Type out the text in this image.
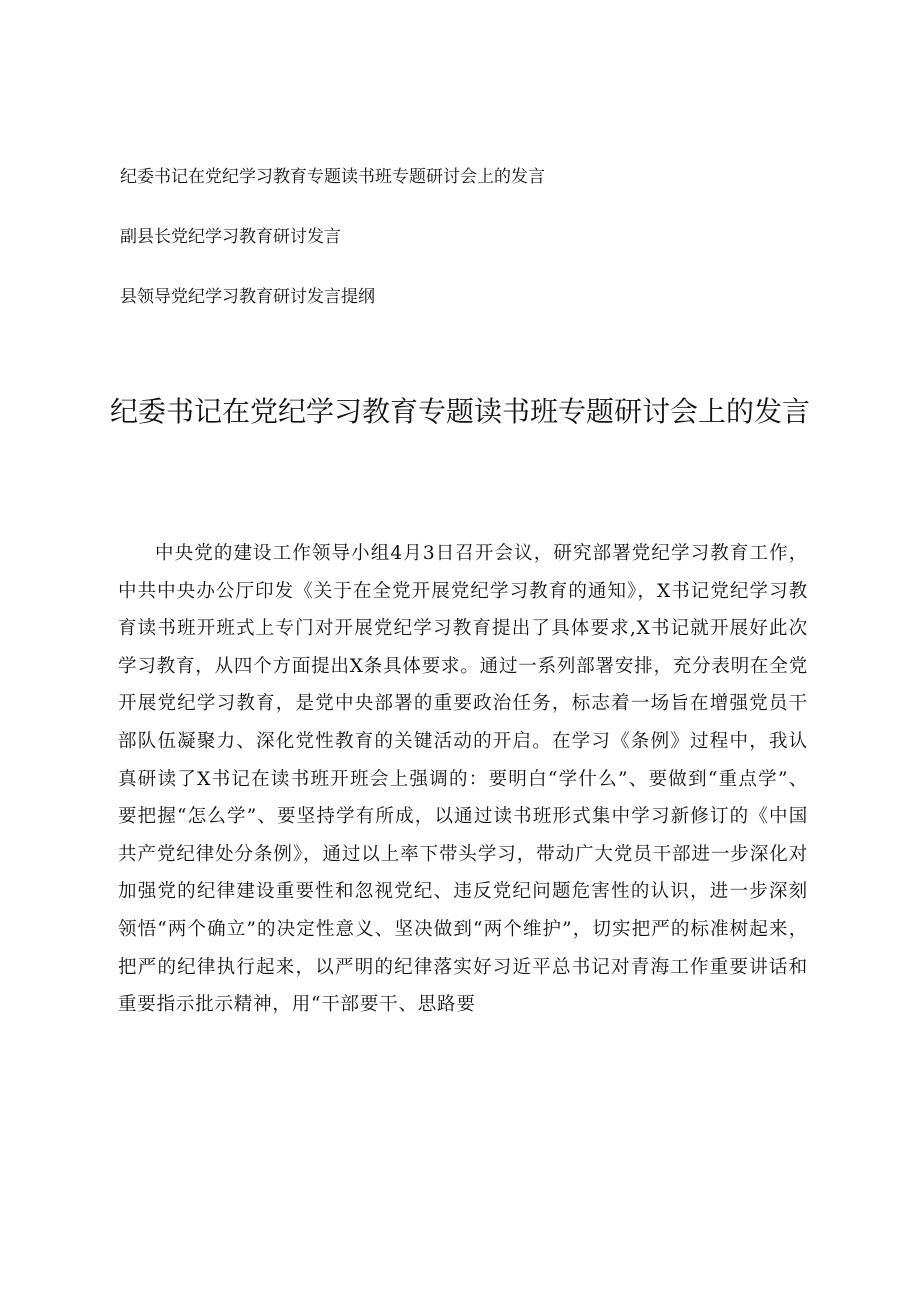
纪委书记在党纪学习教育专题读书班专题研讨会上的发言
副县长党纪学习教育研讨发言
县领导党纪学习教育研讨发言提纲
纪委书记在党纪学习教育专题读书班专题研讨会上的发言

中央党的建设工作领导小组4月3日召开会议，研究部署党纪学习教育工作，中共中央办公厅印发《关于在全党开展党纪学习教育的通知》，X书记党纪学习教育读书班开班式上专门对开展党纪学习教育提出了具体要求,X书记就开展好此次学习教育，从四个方面提出X条具体要求。通过一系列部署安排，充分表明在全党开展党纪学习教育，是党中央部署的重要政治任务，标志着一场旨在增强党员干部队伍凝聚力、深化党性教育的关键活动的开启。在学习《条例》过程中，我认真研读了X书记在读书班开班会上强调的：要明白“学什么”、要做到“重点学”、要把握“怎么学”、要坚持学有所成，以通过读书班形式集中学习新修订的《中国共产党纪律处分条例》，通过以上率下带头学习，带动广大党员干部进一步深化对加强党的纪律建设重要性和忽视党纪、违反党纪问题危害性的认识，进一步深刻领悟“两个确立”的决定性意义、坚决做到“两个维护”，切实把严的标准树起来，把严的纪律执行起来，以严明的纪律落实好习近平总书记对青海工作重要讲话和重要指示批示精神，用“干部要干、思路要
